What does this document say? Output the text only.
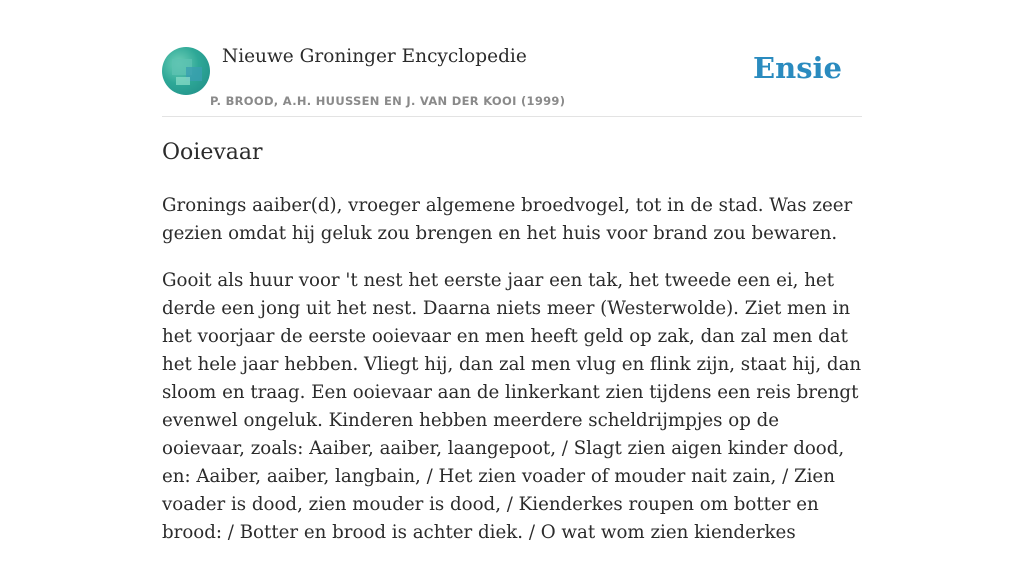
Nieuwe Groninger Encyclopedie
P. BROOD, A.H. HUUSSEN EN J. VAN DER KOOI (1999)
Ensie
Ooievaar

Gronings aaiber(d), vroeger algemene broedvogel, tot in de stad. Was zeer gezien omdat hij geluk zou brengen en het huis voor brand zou bewaren.

Gooit als huur voor 't nest het eerste jaar een tak, het tweede een ei, het derde een jong uit het nest. Daarna niets meer (Westerwolde). Ziet men in het voorjaar de eerste ooievaar en men heeft geld op zak, dan zal men dat het hele jaar hebben. Vliegt hij, dan zal men vlug en flink zijn, staat hij, dan sloom en traag. Een ooievaar aan de linkerkant zien tijdens een reis brengt evenwel ongeluk. Kinderen hebben meerdere scheldrijmpjes op de ooievaar, zoals: Aaiber, aaiber, laangepoot, / Slagt zien aigen kinder dood, en: Aaiber, aaiber, langbain, / Het zien voader of mouder nait zain, / Zien voader is dood, zien mouder is dood, / Kienderkes roupen om botter en brood: / Botter en brood is achter diek. / O wat wom zien kienderkes
